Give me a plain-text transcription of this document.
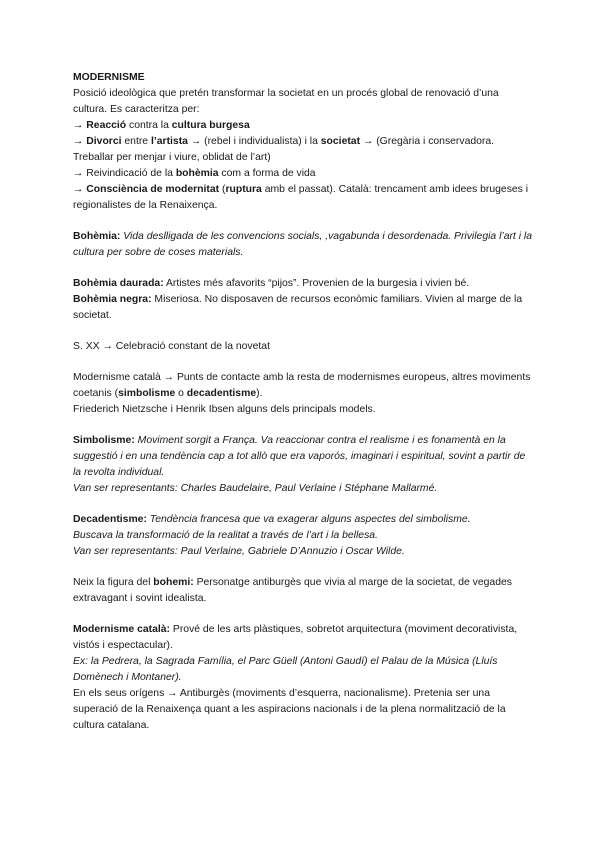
MODERNISME

Posició ideològica que pretén transformar la societat en un procés global de renovació d’una cultura. Es caracteritza per:

→ Reacció contra la cultura burgesa

→ Divorci entre l’artista → (rebel i individualista) i la societat → (Gregària i conservadora. Treballar per menjar i viure, oblidat de l’art)

→ Reivindicació de la bohèmia com a forma de vida

→ Consciència de modernitat (ruptura amb el passat). Català: trencament amb idees brugeses i regionalistes de la Renaixença.

Bohèmia: Vida deslligada de les convencions socials, ,vagabunda i desordenada. Privilegia l’art i la cultura per sobre de coses materials.

Bohèmia daurada: Artistes més afavorits “pijos”. Provenien de la burgesia i vivien bé.

Bohèmia negra: Miseriosa. No disposaven de recursos econòmic familiars. Vivien al marge de la societat.

S. XX → Celebració constant de la novetat

Modernisme català → Punts de contacte amb la resta de modernismes europeus, altres moviments coetanis (simbolisme o decadentisme).

Friederich Nietzsche i Henrik Ibsen alguns dels principals models.

Simbolisme: Moviment sorgit a França. Va reaccionar contra el realisme i es fonamentà en la suggestió i en una tendència cap a tot allò que era vaporós, imaginari i espiritual, sovint a partir de la revolta individual.

Van ser representants: Charles Baudelaire, Paul Verlaine i Stéphane Mallarmé.

Decadentisme: Tendència francesa que va exagerar alguns aspectes del simbolisme.

Buscava la transformació de la realitat a través de l’art i la bellesa.

Van ser representants: Paul Verlaine, Gabriele D’Annuzio i Oscar Wilde.

Neix la figura del bohemi: Personatge antiburgès que vivia al marge de la societat, de vegades extravagant i sovint idealista.

Modernisme català: Prové de les arts plàstiques, sobretot arquitectura (moviment decorativista, vistós i espectacular).

Ex: la Pedrera, la Sagrada Família, el Parc Güell (Antoni Gaudí) el Palau de la Música (Lluís Domènech i Montaner).

En els seus orígens → Antiburgès (moviments d’esquerra, nacionalisme). Pretenia ser una superació de la Renaixença quant a les aspiracions nacionals i de la plena normalització de la cultura catalana.
